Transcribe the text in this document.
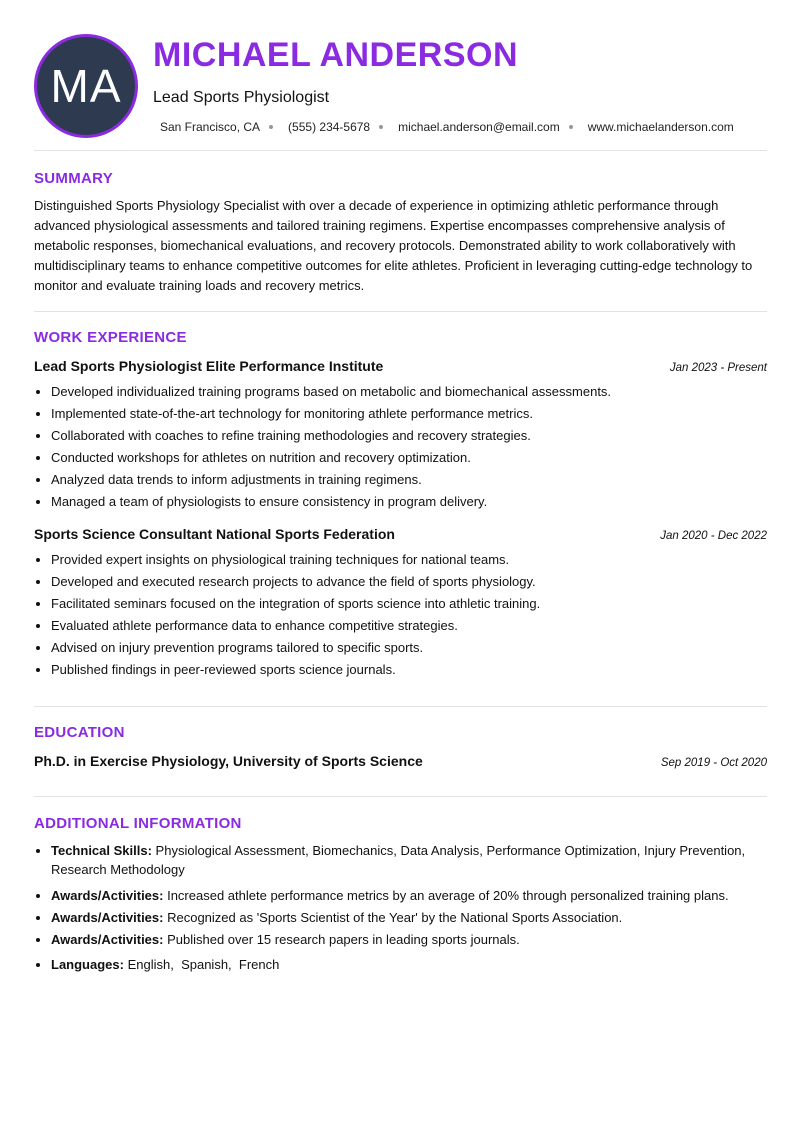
MA
MICHAEL ANDERSON
Lead Sports Physiologist
San Francisco, CA (555) 234-5678 michael.anderson@email.com www.michaelanderson.com
SUMMARY

Distinguished Sports Physiology Specialist with over a decade of experience in optimizing athletic performance through advanced physiological assessments and tailored training regimens. Expertise encompasses comprehensive analysis of metabolic responses, biomechanical evaluations, and recovery protocols. Demonstrated ability to work collaboratively with multidisciplinary teams to enhance competitive outcomes for elite athletes. Proficient in leveraging cutting-edge technology to monitor and evaluate training loads and recovery metrics.

WORK EXPERIENCE
Lead Sports Physiologist Elite Performance Institute	Jan 2023 - Present
• Developed individualized training programs based on metabolic and biomechanical assessments.
• Implemented state-of-the-art technology for monitoring athlete performance metrics.
• Collaborated with coaches to refine training methodologies and recovery strategies.
• Conducted workshops for athletes on nutrition and recovery optimization.
• Analyzed data trends to inform adjustments in training regimens.
• Managed a team of physiologists to ensure consistency in program delivery.
Sports Science Consultant National Sports Federation	Jan 2020 - Dec 2022
• Provided expert insights on physiological training techniques for national teams.
• Developed and executed research projects to advance the field of sports physiology.
• Facilitated seminars focused on the integration of sports science into athletic training.
• Evaluated athlete performance data to enhance competitive strategies.
• Advised on injury prevention programs tailored to specific sports.
• Published findings in peer-reviewed sports science journals.
EDUCATION
Ph.D. in Exercise Physiology, University of Sports Science	Sep 2019 - Oct 2020
ADDITIONAL INFORMATION
• Technical Skills: Physiological Assessment, Biomechanics, Data Analysis, Performance Optimization, Injury Prevention, Research Methodology
• Awards/Activities: Increased athlete performance metrics by an average of 20% through personalized training plans.
• Awards/Activities: Recognized as 'Sports Scientist of the Year' by the National Sports Association.
• Awards/Activities: Published over 15 research papers in leading sports journals.
• Languages: English,  Spanish,  French
